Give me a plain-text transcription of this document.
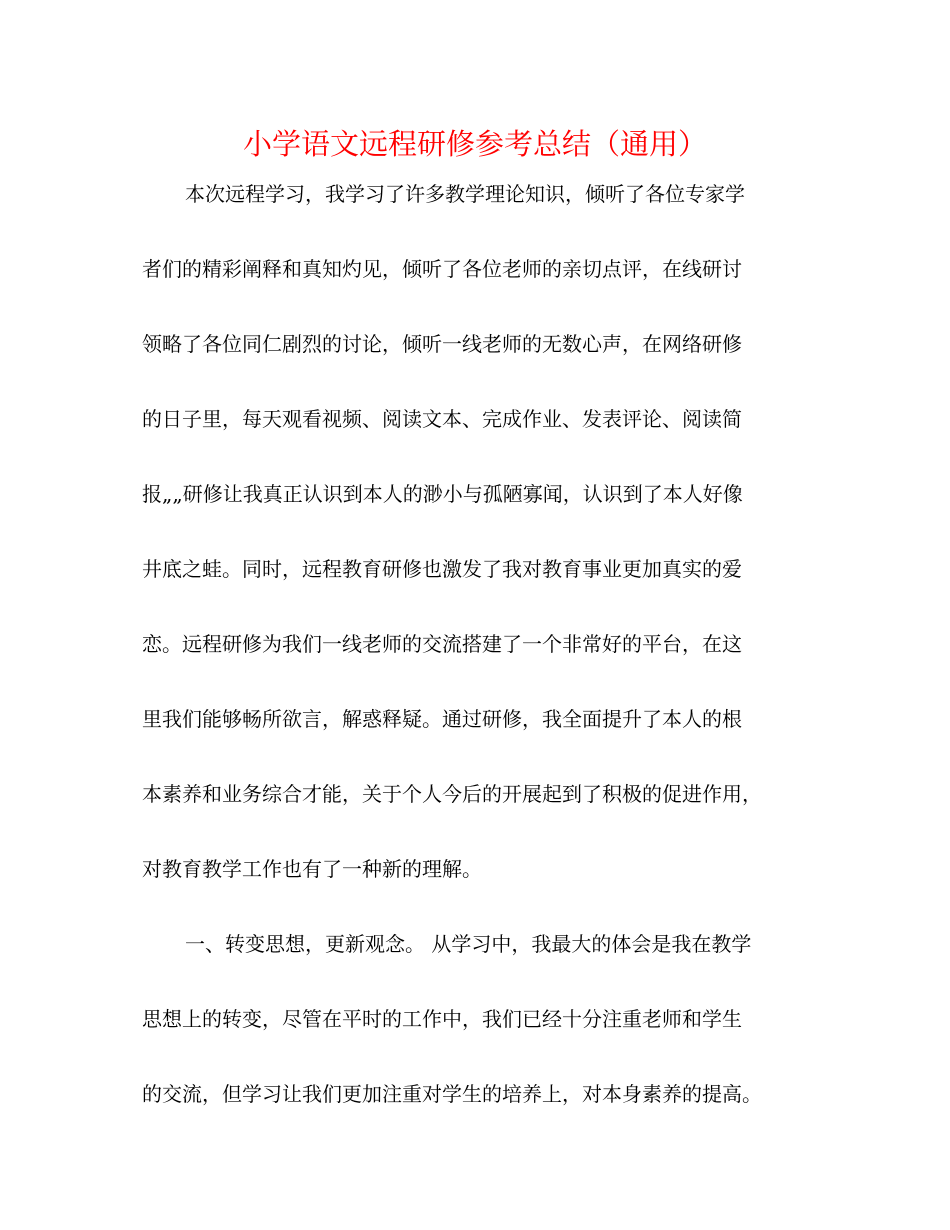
小学语文远程研修参考总结（通用）
本次远程学习，我学习了许多教学理论知识，倾听了各位专家学
者们的精彩阐释和真知灼见，倾听了各位老师的亲切点评，在线研讨
领略了各位同仁剧烈的讨论，倾听一线老师的无数心声，在网络研修
的日子里，每天观看视频、阅读文本、完成作业、发表评论、阅读简
报„„研修让我真正认识到本人的渺小与孤陋寡闻，认识到了本人好像
井底之蛙。同时，远程教育研修也激发了我对教育事业更加真实的爱
恋。远程研修为我们一线老师的交流搭建了一个非常好的平台，在这
里我们能够畅所欲言，解惑释疑。通过研修，我全面提升了本人的根
本素养和业务综合才能，关于个人今后的开展起到了积极的促进作用，
对教育教学工作也有了一种新的理解。
一、转变思想，更新观念。 从学习中，我最大的体会是我在教学
思想上的转变，尽管在平时的工作中，我们已经十分注重老师和学生
的交流，但学习让我们更加注重对学生的培养上，对本身素养的提高。
